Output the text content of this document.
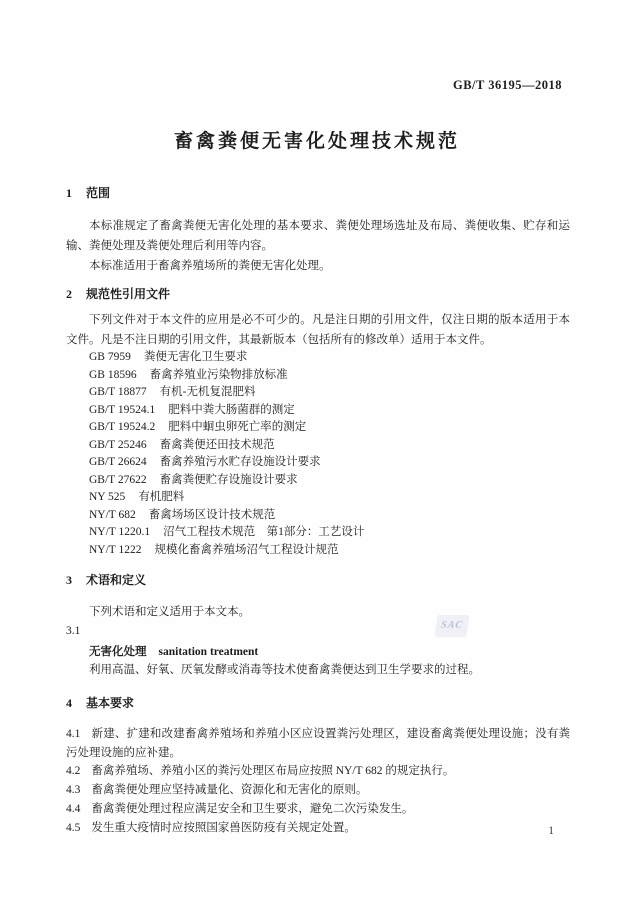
GB/T 36195—2018
畜禽粪便无害化处理技术规范
1 范围

本标准规定了畜禽粪便无害化处理的基本要求、粪便处理场选址及布局、粪便收集、贮存和运输、粪便处理及粪便处理后利用等内容。

本标准适用于畜禽养殖场所的粪便无害化处理。

2 规范性引用文件

下列文件对于本文件的应用是必不可少的。凡是注日期的引用文件，仅注日期的版本适用于本文件。凡是不注日期的引用文件，其最新版本（包括所有的修改单）适用于本文件。

GB 7959 粪便无害化卫生要求
GB 18596 畜禽养殖业污染物排放标准
GB/T 18877 有机-无机复混肥料
GB/T 19524.1 肥料中粪大肠菌群的测定
GB/T 19524.2 肥料中蛔虫卵死亡率的测定
GB/T 25246 畜禽粪便还田技术规范
GB/T 26624 畜禽养殖污水贮存设施设计要求
GB/T 27622 畜禽粪便贮存设施设计要求
NY 525 有机肥料
NY/T 682 畜禽场场区设计技术规范
NY/T 1220.1 沼气工程技术规范　第1部分：工艺设计
NY/T 1222 规模化畜禽养殖场沼气工程设计规范
3 术语和定义

下列术语和定义适用于本文本。

3.1
无害化处理 sanitation treatment
利用高温、好氧、厌氧发酵或消毒等技术使畜禽粪便达到卫生学要求的过程。
4 基本要求

4.1 新建、扩建和改建畜禽养殖场和养殖小区应设置粪污处理区，建设畜禽粪便处理设施；没有粪污处理设施的应补建。

4.2 畜禽养殖场、养殖小区的粪污处理区布局应按照 NY/T 682 的规定执行。

4.3 畜禽粪便处理应坚持减量化、资源化和无害化的原则。

4.4 畜禽粪便处理过程应满足安全和卫生要求，避免二次污染发生。

4.5 发生重大疫情时应按照国家兽医防疫有关规定处置。

SAC
1
